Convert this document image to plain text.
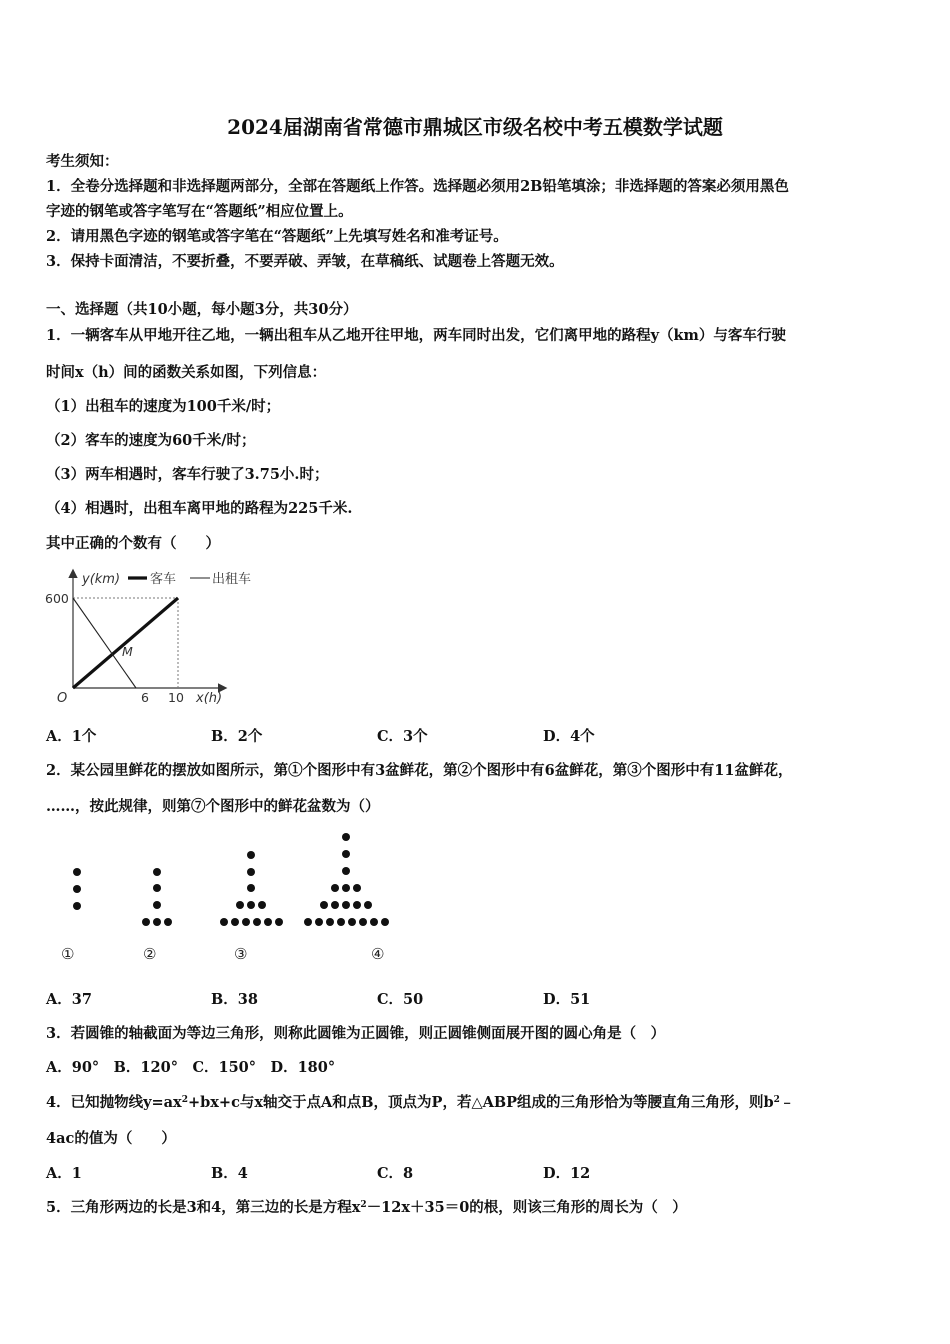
2024届湖南省常德市鼎城区市级名校中考五模数学试题
考生须知：
1．全卷分选择题和非选择题两部分，全部在答题纸上作答。选择题必须用2B铅笔填涂；非选择题的答案必须用黑色
字迹的钢笔或答字笔写在“答题纸”相应位置上。
2．请用黑色字迹的钢笔或答字笔在“答题纸”上先填写姓名和准考证号。
3．保持卡面清洁，不要折叠，不要弄破、弄皱，在草稿纸、试题卷上答题无效。
一、选择题（共10小题，每小题3分，共30分）
1．一辆客车从甲地开往乙地，一辆出租车从乙地开往甲地，两车同时出发，它们离甲地的路程y（km）与客车行驶
时间x（h）间的函数关系如图，下列信息：
（1）出租车的速度为100千米/时；
（2）客车的速度为60千米/时；
（3）两车相遇时，客车行驶了3.75小.时；
（4）相遇时，出租车离甲地的路程为225千米.
其中正确的个数有（　　）
y(km) 客车	出租车
600
O	6 10 x(h)
M
A．1个	B．2个	C．3个	D．4个
2．某公园里鲜花的摆放如图所示，第①个图形中有3盆鲜花，第②个图形中有6盆鲜花，第③个图形中有11盆鲜花，
……，按此规律，则第⑦个图形中的鲜花盆数为（）
①	②	③	④
A．37	B．38	C．50	D．51
3．若圆锥的轴截面为等边三角形，则称此圆锥为正圆锥，则正圆锥侧面展开图的圆心角是（　）
A．90°　B．120°　C．150°　D．180°
4．已知抛物线$y=ax^2+bx+c$与x轴交于点A和点B，顶点为P，若△ABP组成的三角形恰为等腰直角三角形，则$b^2﹣$
4ac的值为（　　）
A．1	B．4	C．8	D．12
5．三角形两边的长是3和4，第三边的长是方程$x^2-12x+35=0$的根，则该三角形的周长为（　）
